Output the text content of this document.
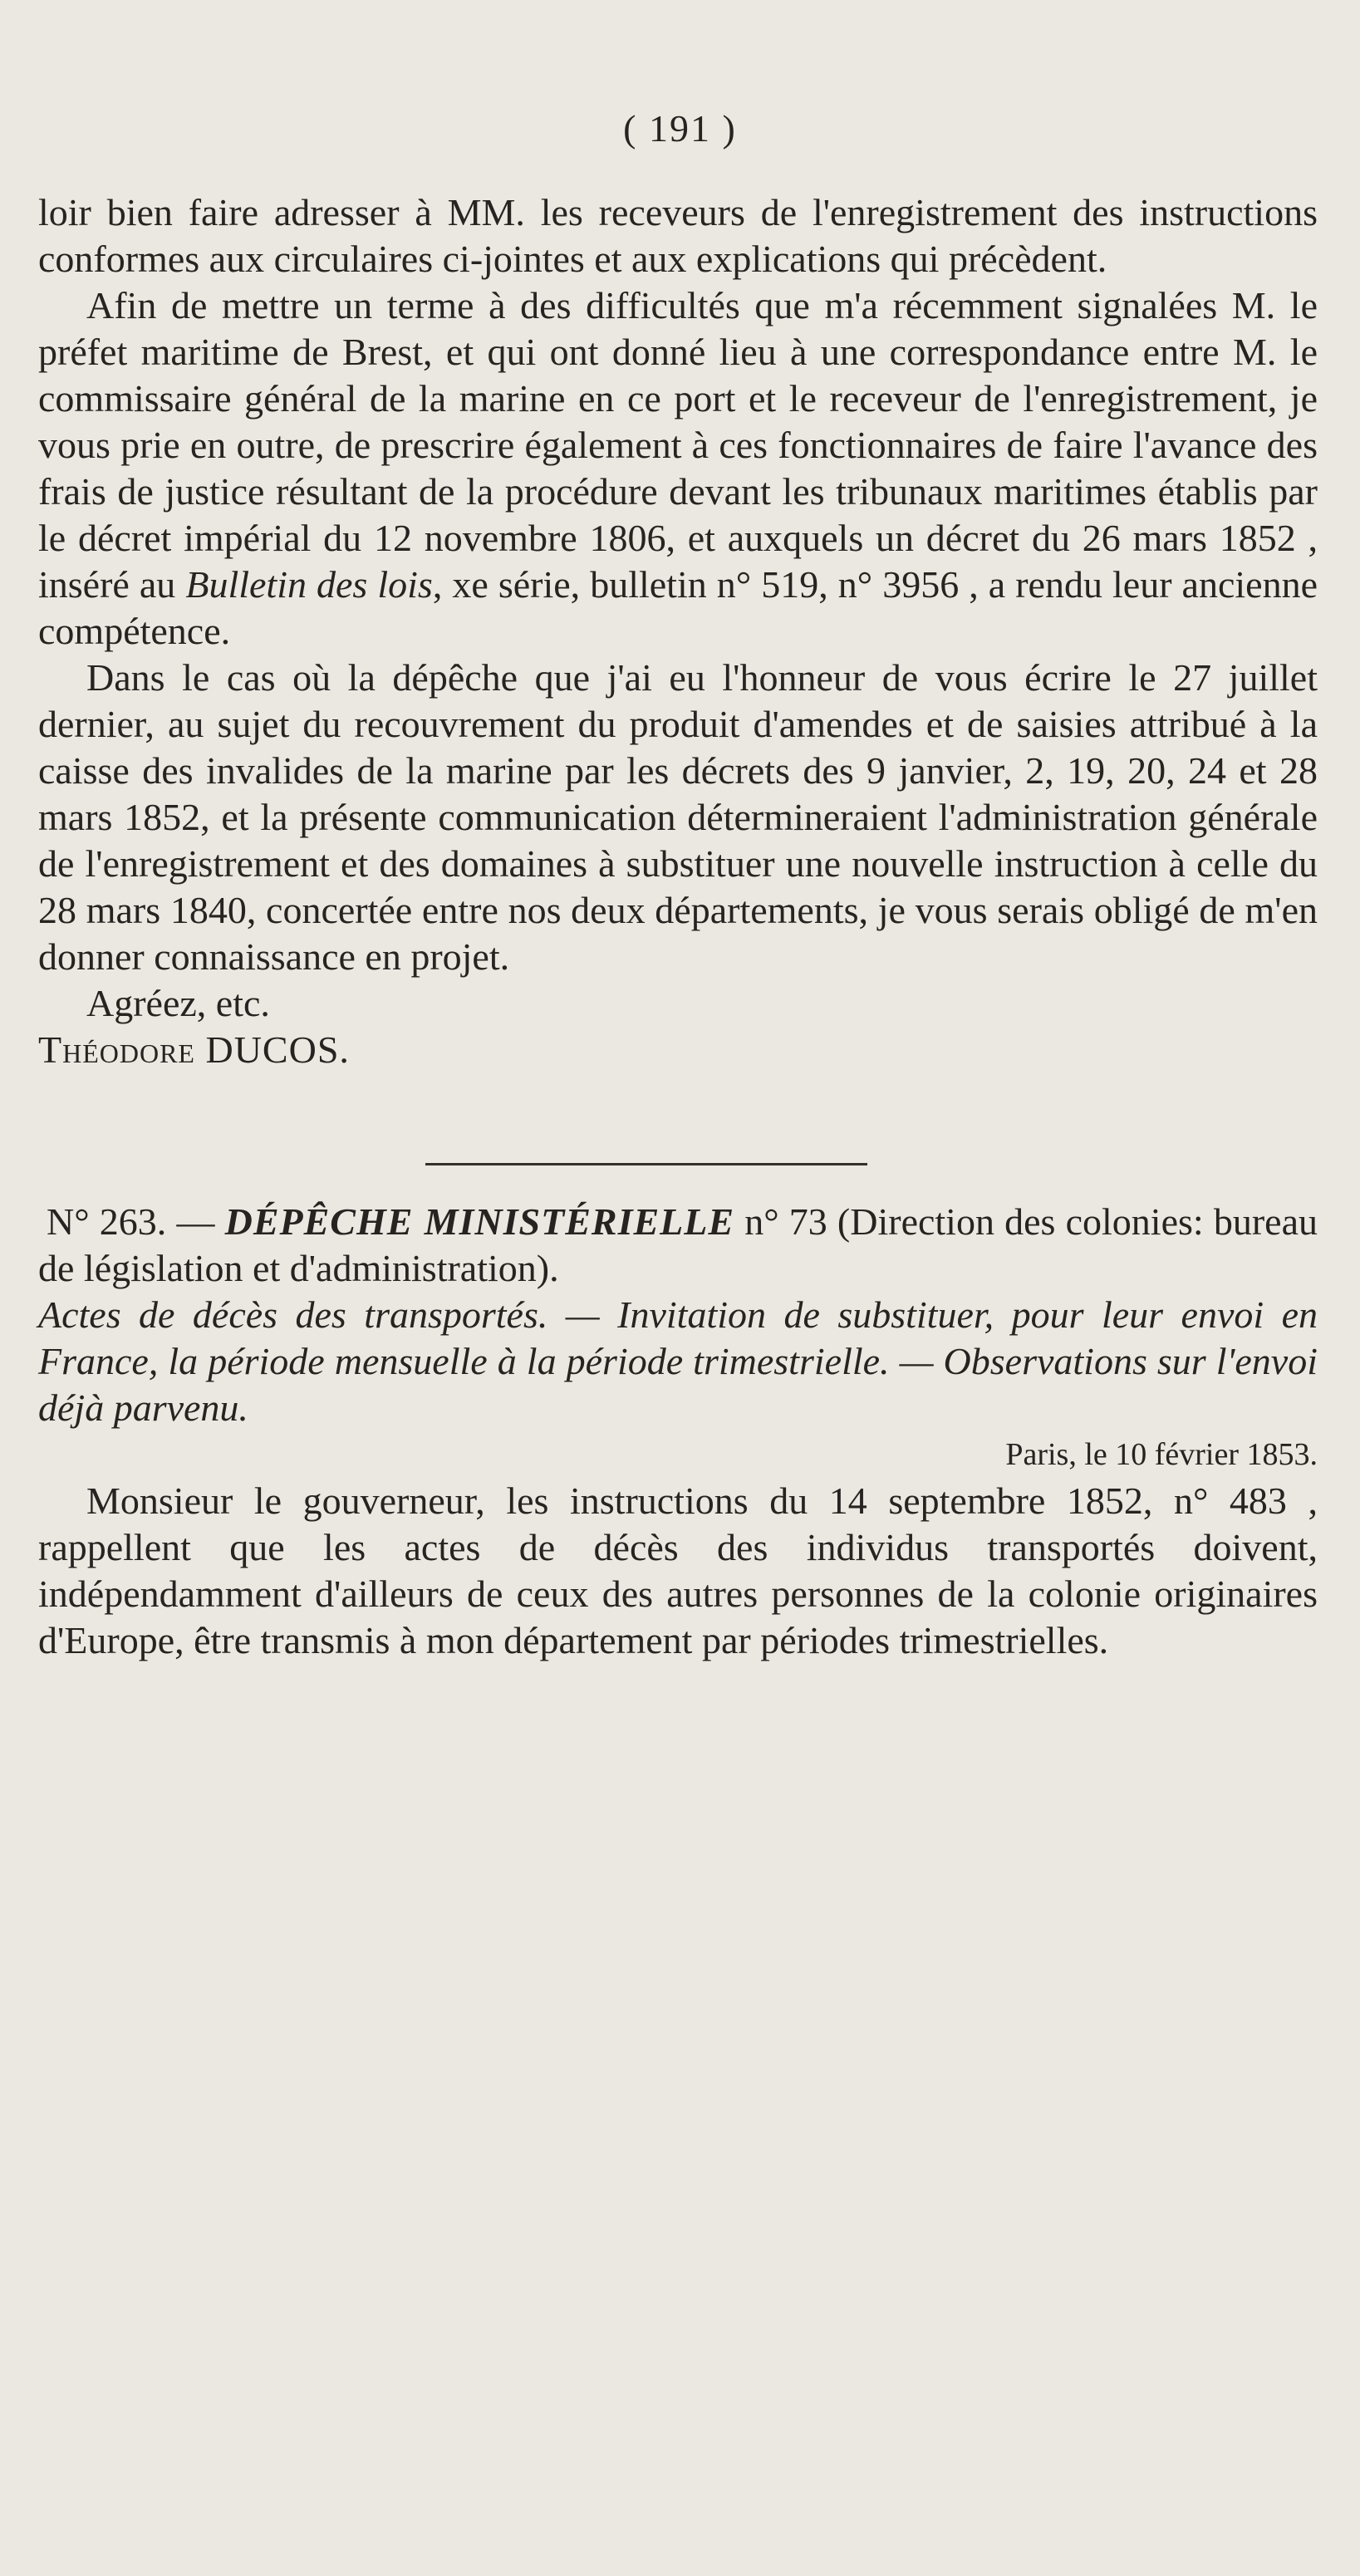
( 191 )

loir bien faire adresser à MM. les receveurs de l'enregistrement des instructions conformes aux circulaires ci-jointes et aux explications qui précèdent.

Afin de mettre un terme à des difficultés que m'a récemment signalées M. le préfet maritime de Brest, et qui ont donné lieu à une correspondance entre M. le commissaire général de la marine en ce port et le receveur de l'enregistrement, je vous prie en outre, de prescrire également à ces fonctionnaires de faire l'avance des frais de justice résultant de la procédure devant les tribunaux maritimes établis par le décret impérial du 12 novembre 1806, et auxquels un décret du 26 mars 1852 , inséré au Bulletin des lois, xe série, bulletin n° 519, n° 3956 , a rendu leur ancienne compétence.

Dans le cas où la dépêche que j'ai eu l'honneur de vous écrire le 27 juillet dernier, au sujet du recouvrement du produit d'amendes et de saisies attribué à la caisse des invalides de la marine par les décrets des 9 janvier, 2, 19, 20, 24 et 28 mars 1852, et la présente communication détermineraient l'administration générale de l'enregistrement et des domaines à substituer une nouvelle instruction à celle du 28 mars 1840, concertée entre nos deux départements, je vous serais obligé de m'en donner connaissance en projet.

Agréez, etc.

Théodore DUCOS.

N° 263. — DÉPÊCHE MINISTÉRIELLE n° 73 (Direction des colonies: bureau de législation et d'administration).

Actes de décès des transportés. — Invitation de substituer, pour leur envoi en France, la période mensuelle à la période trimestrielle. — Observations sur l'envoi déjà parvenu.

Paris, le 10 février 1853.

Monsieur le gouverneur, les instructions du 14 septembre 1852, n° 483 , rappellent que les actes de décès des individus transportés doivent, indépendamment d'ailleurs de ceux des autres personnes de la colonie originaires d'Europe, être transmis à mon département par périodes trimestrielles.
